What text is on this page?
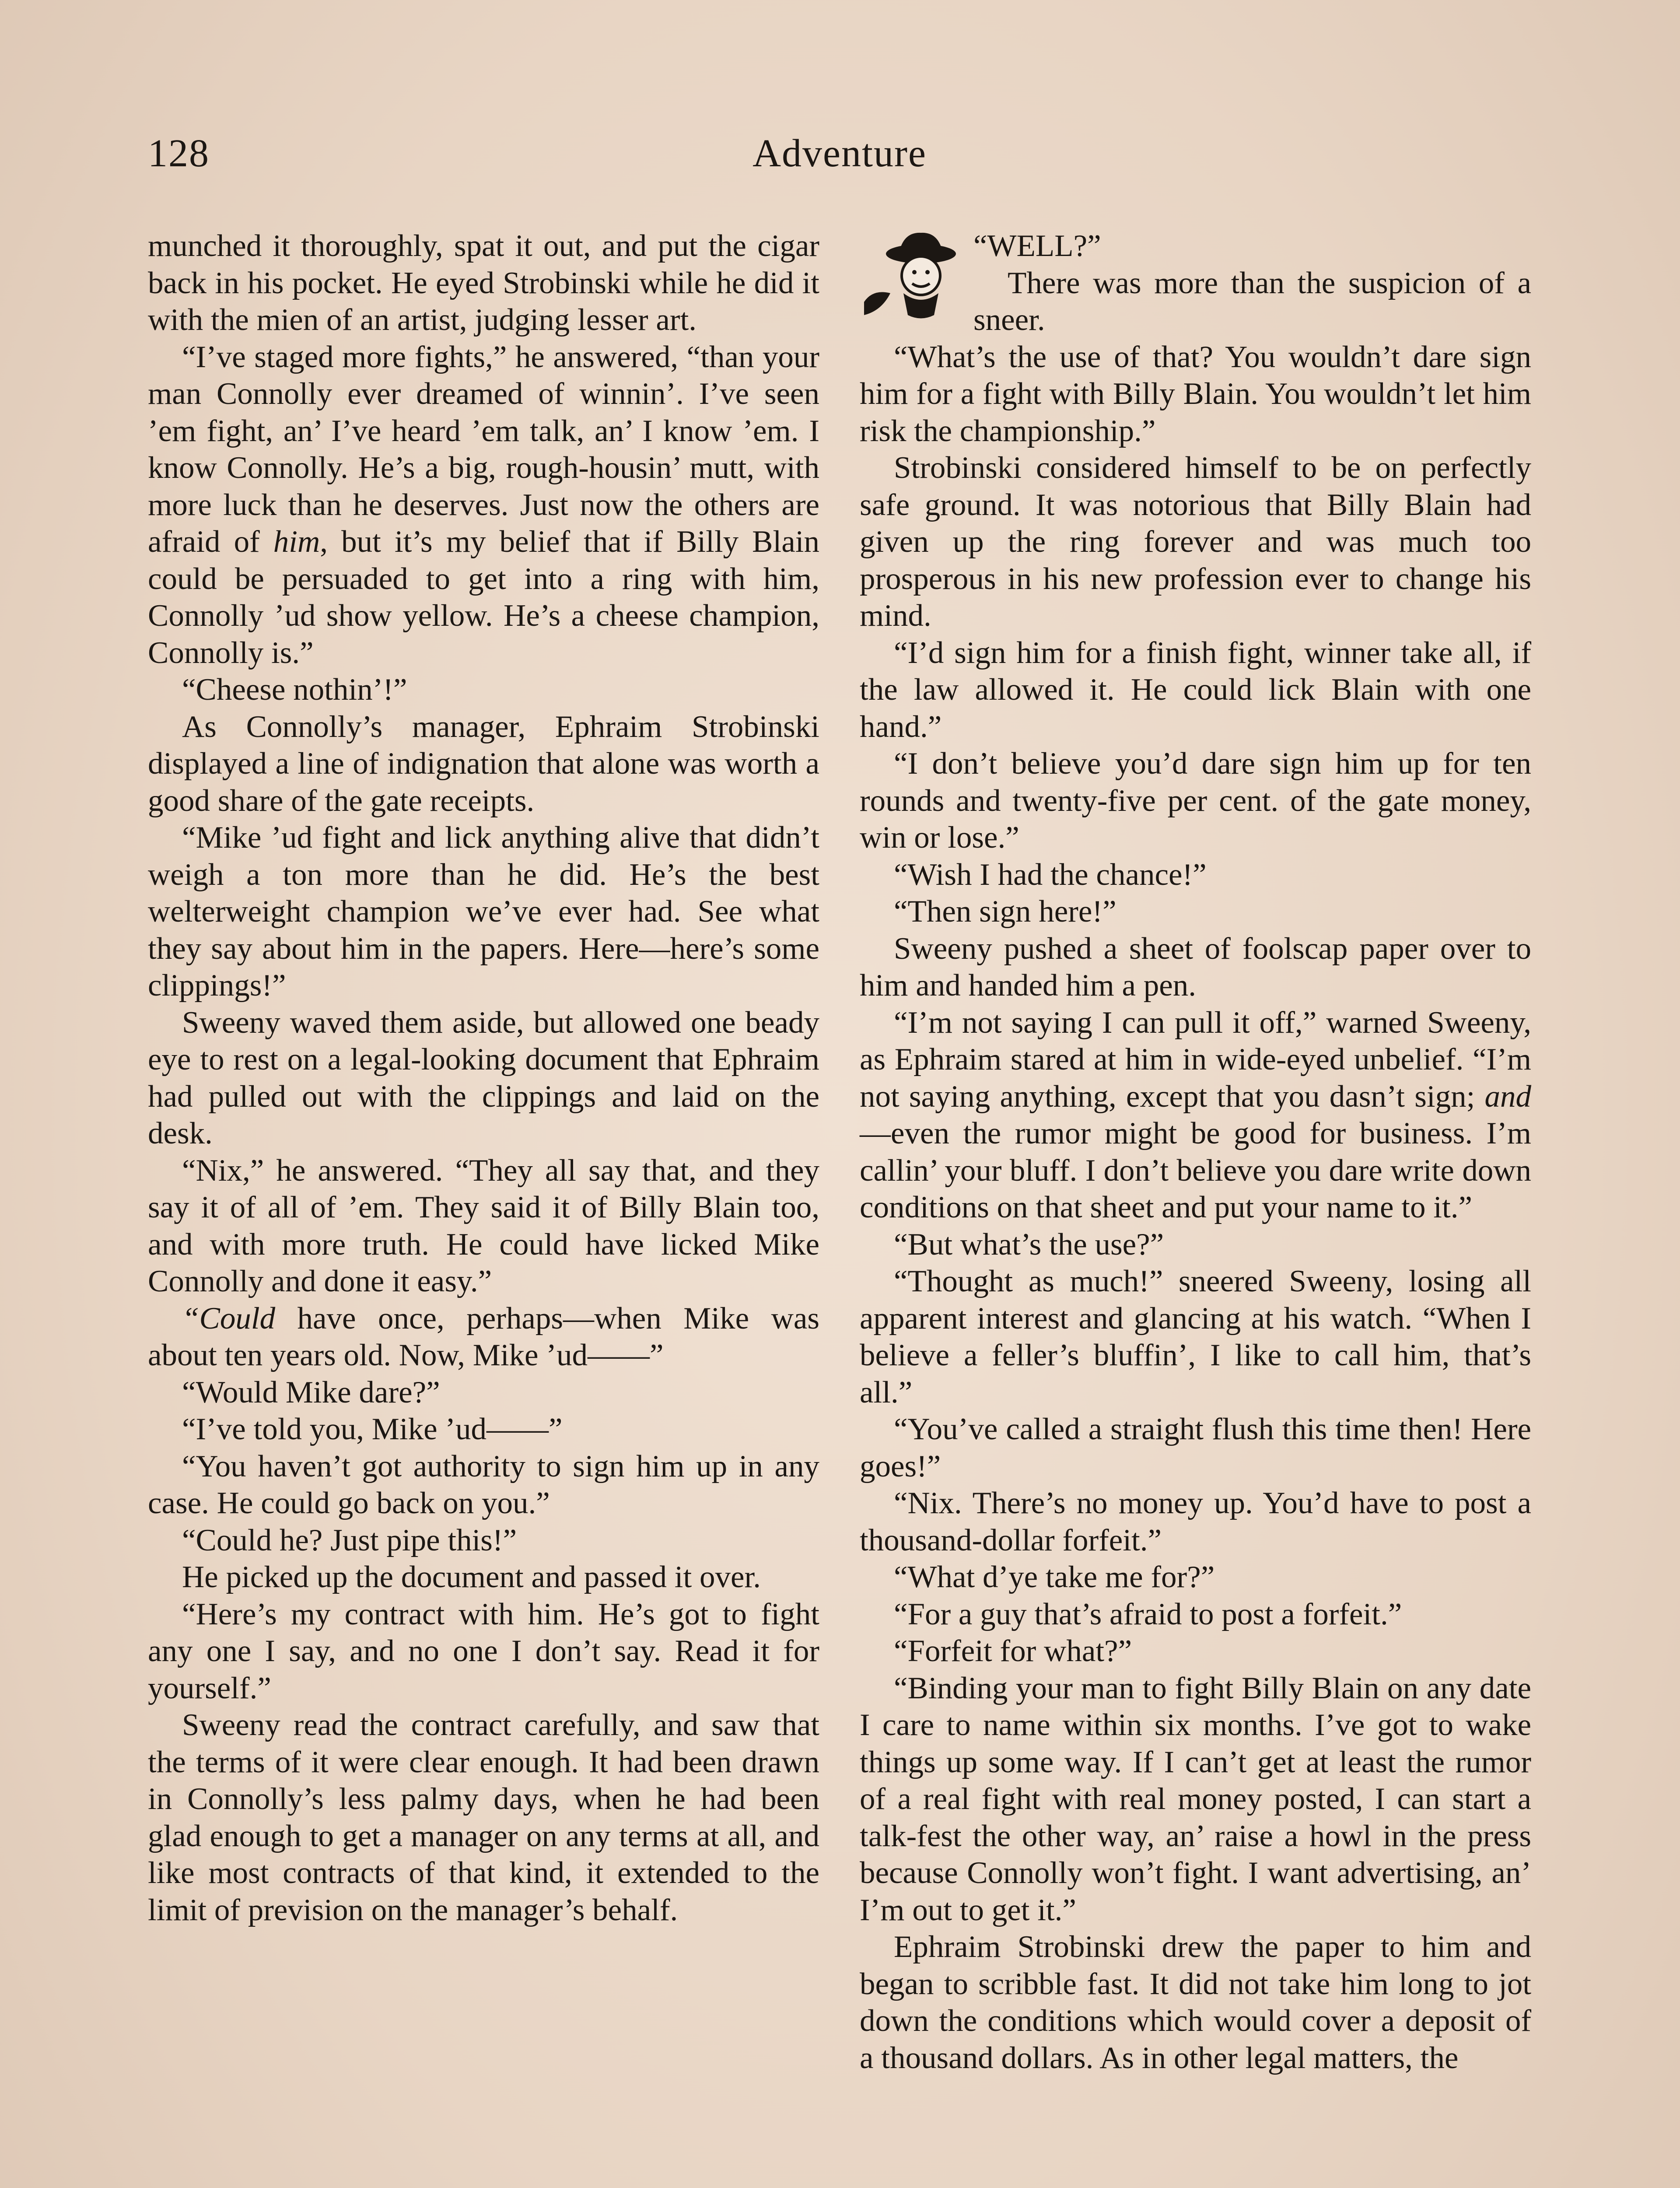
128	Adventure

munched it thoroughly, spat it out, and put the cigar back in his pocket. He eyed Strobinski while he did it with the mien of an artist, judging lesser art.

“I’ve staged more fights,” he answered, “than your man Connolly ever dreamed of winnin’. I’ve seen ’em fight, an’ I’ve heard ’em talk, an’ I know ’em. I know Connolly. He’s a big, rough-housin’ mutt, with more luck than he deserves. Just now the others are afraid of him, but it’s my belief that if Billy Blain could be persuaded to get into a ring with him, Connolly ’ud show yellow. He’s a cheese champion, Connolly is.”

“Cheese nothin’!”

As Connolly’s manager, Ephraim Strobinski displayed a line of indignation that alone was worth a good share of the gate receipts.

“Mike ’ud fight and lick anything alive that didn’t weigh a ton more than he did. He’s the best welterweight champion we’ve ever had. See what they say about him in the papers. Here—here’s some clippings!”

Sweeny waved them aside, but allowed one beady eye to rest on a legal-looking document that Ephraim had pulled out with the clippings and laid on the desk.

“Nix,” he answered. “They all say that, and they say it of all of ’em. They said it of Billy Blain too, and with more truth. He could have licked Mike Connolly and done it easy.”

“Could have once, perhaps—when Mike was about ten years old. Now, Mike ’ud——”

“Would Mike dare?”

“I’ve told you, Mike ’ud——”

“You haven’t got authority to sign him up in any case. He could go back on you.”

“Could he? Just pipe this!”

He picked up the document and passed it over.

“Here’s my contract with him. He’s got to fight any one I say, and no one I don’t say. Read it for yourself.”

Sweeny read the contract carefully, and saw that the terms of it were clear enough. It had been drawn in Connolly’s less palmy days, when he had been glad enough to get a manager on any terms at all, and like most contracts of that kind, it extended to the limit of prevision on the manager’s behalf.

“WELL?”

There was more than the suspicion of a sneer.

“What’s the use of that? You wouldn’t dare sign him for a fight with Billy Blain. You wouldn’t let him risk the championship.”

Strobinski considered himself to be on perfectly safe ground. It was notorious that Billy Blain had given up the ring forever and was much too prosperous in his new profession ever to change his mind.

“I’d sign him for a finish fight, winner take all, if the law allowed it. He could lick Blain with one hand.”

“I don’t believe you’d dare sign him up for ten rounds and twenty-five per cent. of the gate money, win or lose.”

“Wish I had the chance!”

“Then sign here!”

Sweeny pushed a sheet of foolscap paper over to him and handed him a pen.

“I’m not saying I can pull it off,” warned Sweeny, as Ephraim stared at him in wide-eyed unbelief. “I’m not saying anything, except that you dasn’t sign; and—even the rumor might be good for business. I’m callin’ your bluff. I don’t believe you dare write down conditions on that sheet and put your name to it.”

“But what’s the use?”

“Thought as much!” sneered Sweeny, losing all apparent interest and glancing at his watch. “When I believe a feller’s bluffin’, I like to call him, that’s all.”

“You’ve called a straight flush this time then! Here goes!”

“Nix. There’s no money up. You’d have to post a thousand-dollar forfeit.”

“What d’ye take me for?”

“For a guy that’s afraid to post a forfeit.”

“Forfeit for what?”

“Binding your man to fight Billy Blain on any date I care to name within six months. I’ve got to wake things up some way. If I can’t get at least the rumor of a real fight with real money posted, I can start a talk-fest the other way, an’ raise a howl in the press because Connolly won’t fight. I want advertising, an’ I’m out to get it.”

Ephraim Strobinski drew the paper to him and began to scribble fast. It did not take him long to jot down the conditions which would cover a deposit of a thousand dollars. As in other legal matters, the
